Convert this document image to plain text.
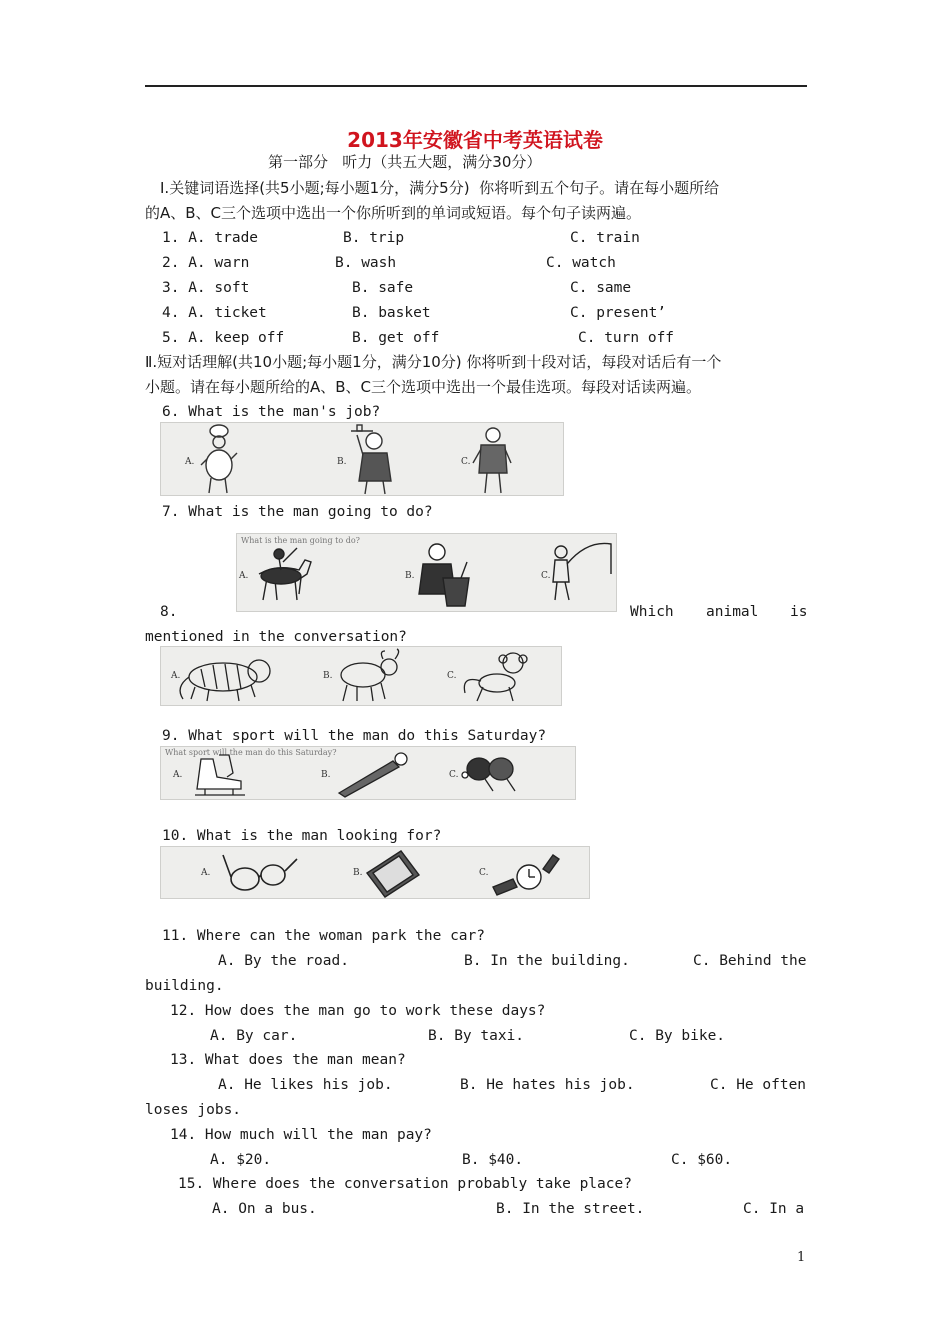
2013年安徽省中考英语试卷
第一部分   听力（共五大题，满分30分）
I.关键词语选择(共5小题;每小题1分，满分5分)  你将听到五个句子。请在每小题所给
的A、B、C三个选项中选出一个你所听到的单词或短语。每个句子读两遍。
1. A. trade	B. trip	C. train
2. A. warn	B. wash	C. watch
3. A. soft	B. safe	C. same
4. A. ticket	B. basket	C. present’
5. A. keep off	B. get off	C. turn off
Ⅱ.短对话理解(共10小题;每小题1分，满分10分) 你将听到十段对话，每段对话后有一个
小题。请在每小题所给的A、B、C三个选项中选出一个最佳选项。每段对话读两遍。
6. What is the man's job?
A.	B.	C.
7. What is the man going to do?
What is the man going to do?
A.	B.	C.
8.	Which animal is
mentioned in the conversation?
A.	B.	C.
9. What sport will the man do this Saturday?
What sport will the man do this Saturday?
A.	B.	C.
10. What is the man looking for?
A.	B.	C.
11. Where can the woman park the car?
A. By the road.	B. In the building.	C. Behind the
building.
12. How does the man go to work these days?
A. By car.	B. By taxi.	C. By bike.
13. What does the man mean?
A. He likes his job.	B. He hates his job.	C. He often
loses jobs.
14. How much will the man pay?
A. $20.	B. $40.	C. $60.
15. Where does the conversation probably take place?
A. On a bus.	B. In the street.	C. In a
1
